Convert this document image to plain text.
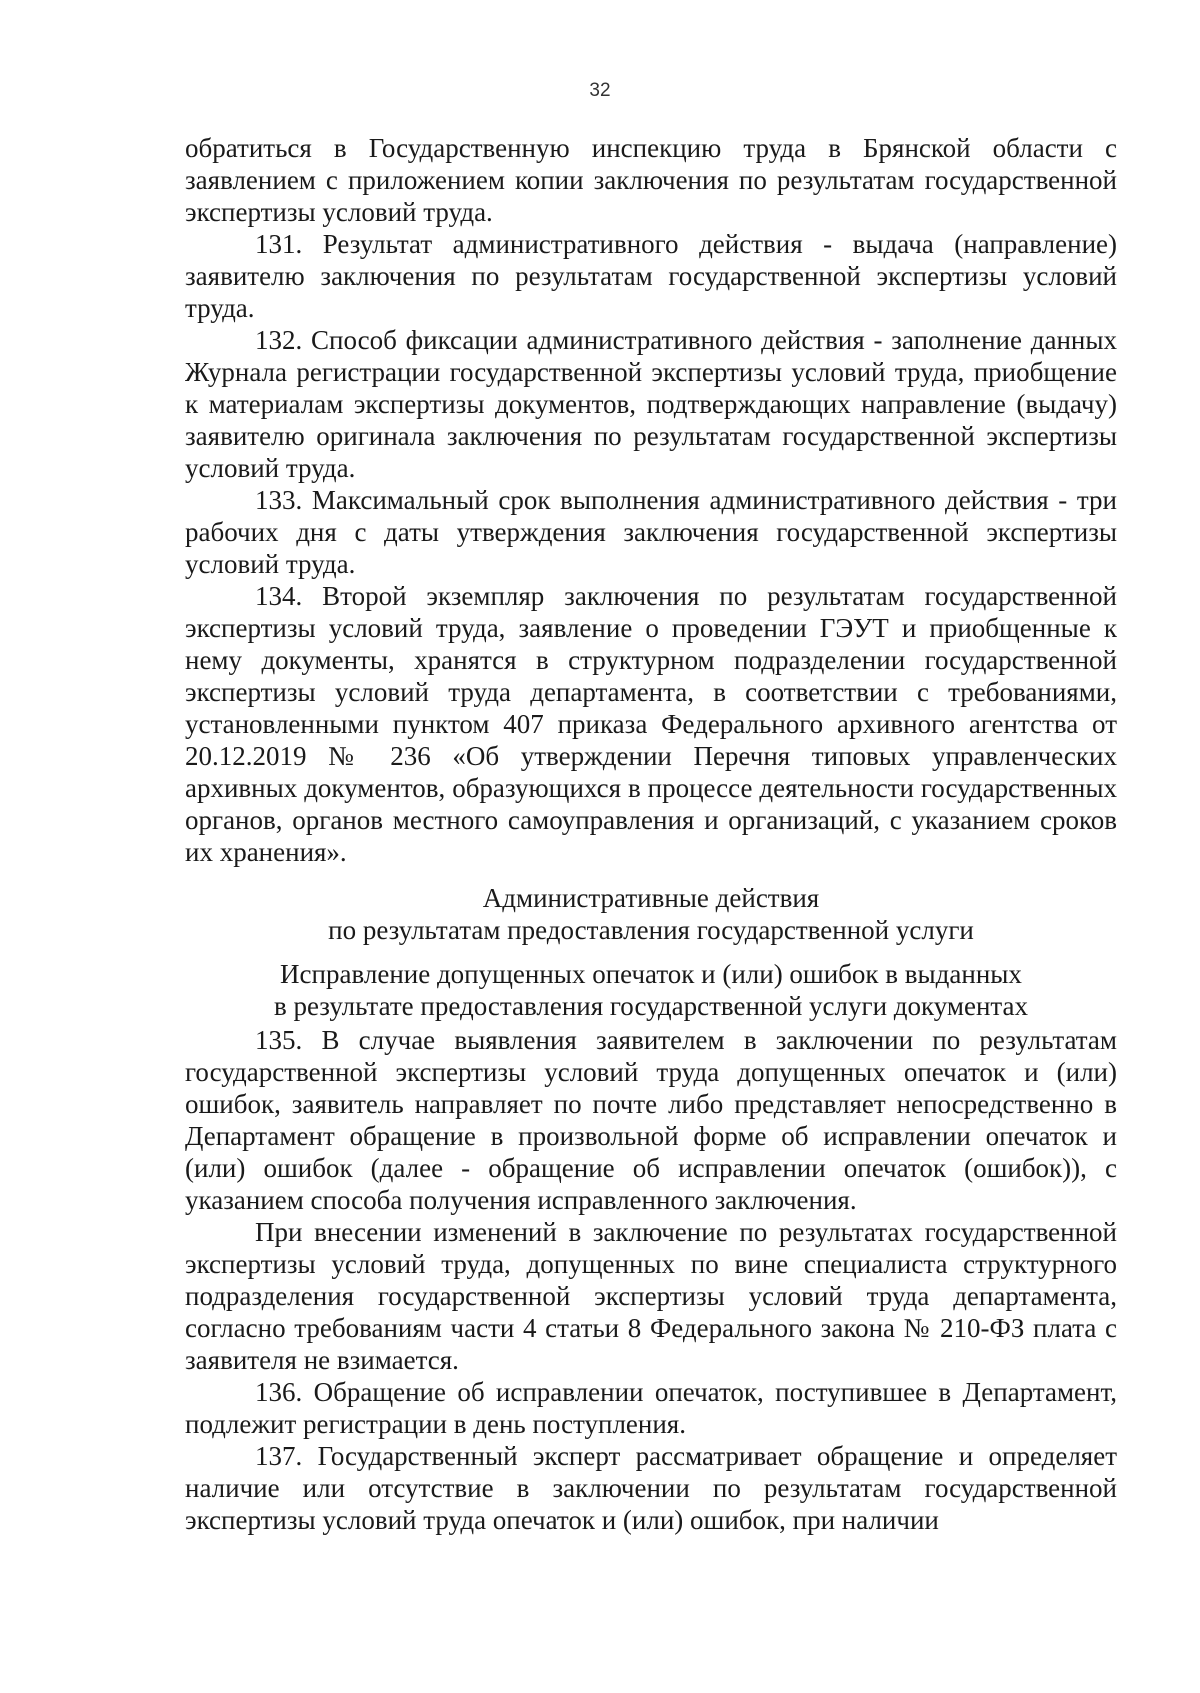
32

обратиться в Государственную инспекцию труда в Брянской области с заявлением с приложением копии заключения по результатам государственной экспертизы условий труда.

131. Результат административного действия - выдача (направление) заявителю заключения по результатам государственной экспертизы условий труда.

132. Способ фиксации административного действия - заполнение данных Журнала регистрации государственной экспертизы условий труда, приобщение к материалам экспертизы документов, подтверждающих направление (выдачу) заявителю оригинала заключения по результатам государственной экспертизы условий труда.

133. Максимальный срок выполнения административного действия - три рабочих дня с даты утверждения заключения государственной экспертизы условий труда.

134. Второй экземпляр заключения по результатам государственной экспертизы условий труда, заявление о проведении ГЭУТ и приобщенные к нему документы, хранятся в структурном подразделении государственной экспертизы условий труда департамента, в соответствии с требованиями, установленными пунктом 407 приказа Федерального архивного агентства от 20.12.2019 № 236 «Об утверждении Перечня типовых управленческих архивных документов, образующихся в процессе деятельности государственных органов, органов местного самоуправления и организаций, с указанием сроков их хранения».

Административные действия
по результатам предоставления государственной услуги
Исправление допущенных опечаток и (или) ошибок в выданных
в результате предоставления государственной услуги документах

135. В случае выявления заявителем в заключении по результатам государственной экспертизы условий труда допущенных опечаток и (или) ошибок, заявитель направляет по почте либо представляет непосредственно в Департамент обращение в произвольной форме об исправлении опечаток и (или) ошибок (далее - обращение об исправлении опечаток (ошибок)), с указанием способа получения исправленного заключения.

При внесении изменений в заключение по результатах государственной экспертизы условий труда, допущенных по вине специалиста структурного подразделения государственной экспертизы условий труда департамента, согласно требованиям части 4 статьи 8 Федерального закона № 210-ФЗ плата с заявителя не взимается.

136. Обращение об исправлении опечаток, поступившее в Департамент, подлежит регистрации в день поступления.

137. Государственный эксперт рассматривает обращение и определяет наличие или отсутствие в заключении по результатам государственной экспертизы условий труда опечаток и (или) ошибок, при наличии
